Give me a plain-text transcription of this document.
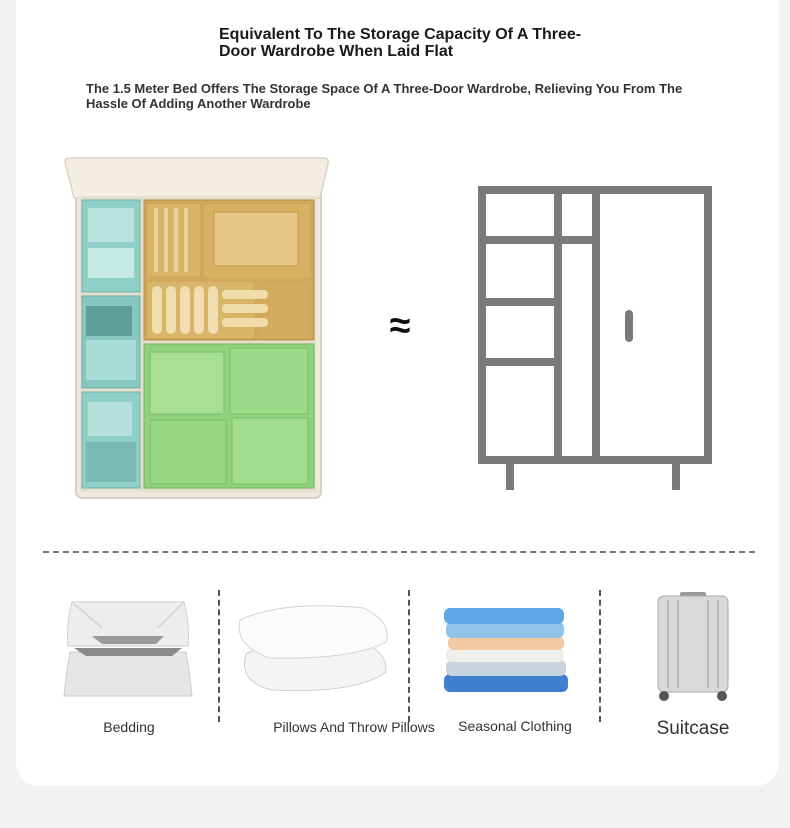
Equivalent To The Storage Capacity Of A Three-Door Wardrobe When Laid Flat

The 1.5 Meter Bed Offers The Storage Space Of A Three-Door Wardrobe, Relieving You From The Hassle Of Adding Another Wardrobe

≈
Bedding	Pillows And Throw Pillows Seasonal Clothing	Suitcase
